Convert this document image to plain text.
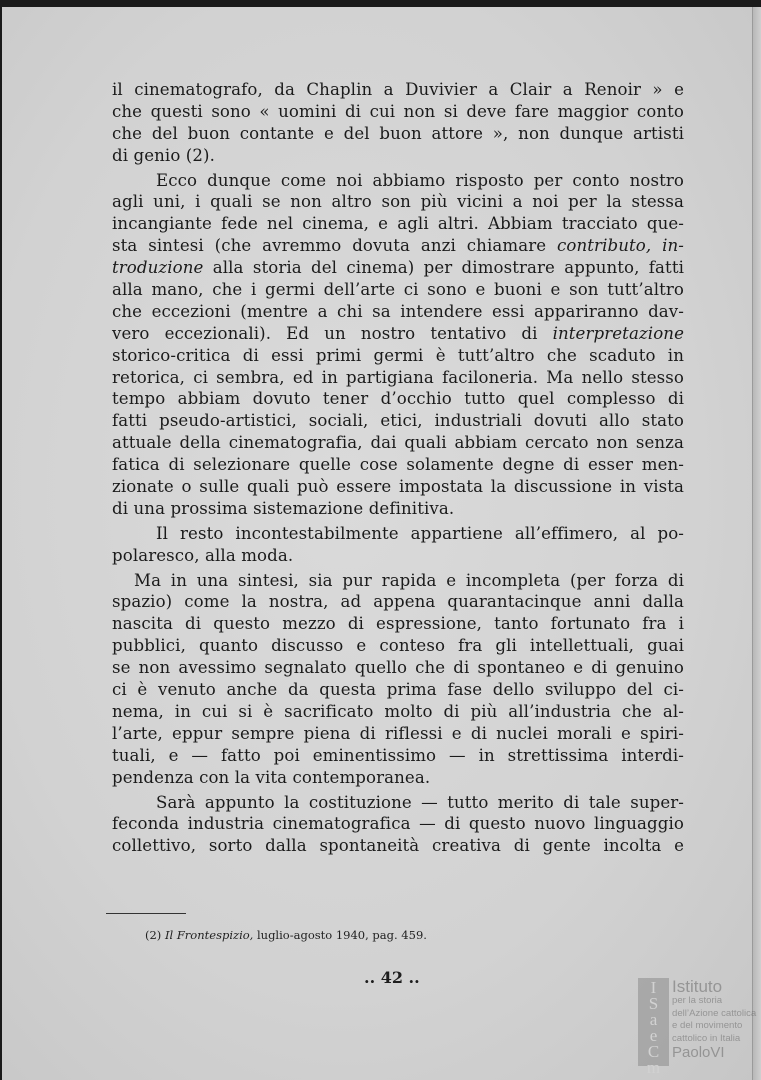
il cinematografo, da Chaplin a Duvivier a Clair a Renoir » e
che questi sono « uomini di cui non si deve fare maggior conto
che del buon contante e del buon attore », non dunque artisti
di genio (2).
Ecco dunque come noi abbiamo risposto per conto nostro
agli uni, i quali se non altro son più vicini a noi per la stessa
incangiante fede nel cinema, e agli altri. Abbiam tracciato que-
sta sintesi (che avremmo dovuta anzi chiamare contributo, in-
troduzione alla storia del cinema) per dimostrare appunto, fatti
alla mano, che i germi dell’arte ci sono e buoni e son tutt’altro
che eccezioni (mentre a chi sa intendere essi appariranno dav-
vero eccezionali). Ed un nostro tentativo di interpretazione
storico-critica di essi primi germi è tutt’altro che scaduto in
retorica, ci sembra, ed in partigiana faciloneria. Ma nello stesso
tempo abbiam dovuto tener d’occhio tutto quel complesso di
fatti pseudo-artistici, sociali, etici, industriali dovuti allo stato
attuale della cinematografia, dai quali abbiam cercato non senza
fatica di selezionare quelle cose solamente degne di esser men-
zionate o sulle quali può essere impostata la discussione in vista
di una prossima sistemazione definitiva.
Il resto incontestabilmente appartiene all’effimero, al po-
polaresco, alla moda.
Ma in una sintesi, sia pur rapida e incompleta (per forza di
spazio) come la nostra, ad appena quarantacinque anni dalla
nascita di questo mezzo di espressione, tanto fortunato fra i
pubblici, quanto discusso e conteso fra gli intellettuali, guai
se non avessimo segnalato quello che di spontaneo e di genuino
ci è venuto anche da questa prima fase dello sviluppo del ci-
nema, in cui si è sacrificato molto di più all’industria che al-
l’arte, eppur sempre piena di riflessi e di nuclei morali e spiri-
tuali, e — fatto poi eminentissimo — in strettissima interdi-
pendenza con la vita contemporanea.
Sarà appunto la costituzione — tutto merito di tale super-
feconda industria cinematografica — di questo nuovo linguaggio
collettivo, sorto dalla spontaneità creativa di gente incolta e
(2) Il Frontespizio, luglio-agosto 1940, pag. 459.
.. 42 ..
I
S
a
e
C
m
Istituto
per la storia
dell’Azione cattolica
e del movimento
cattolico in Italia
PaoloVI
